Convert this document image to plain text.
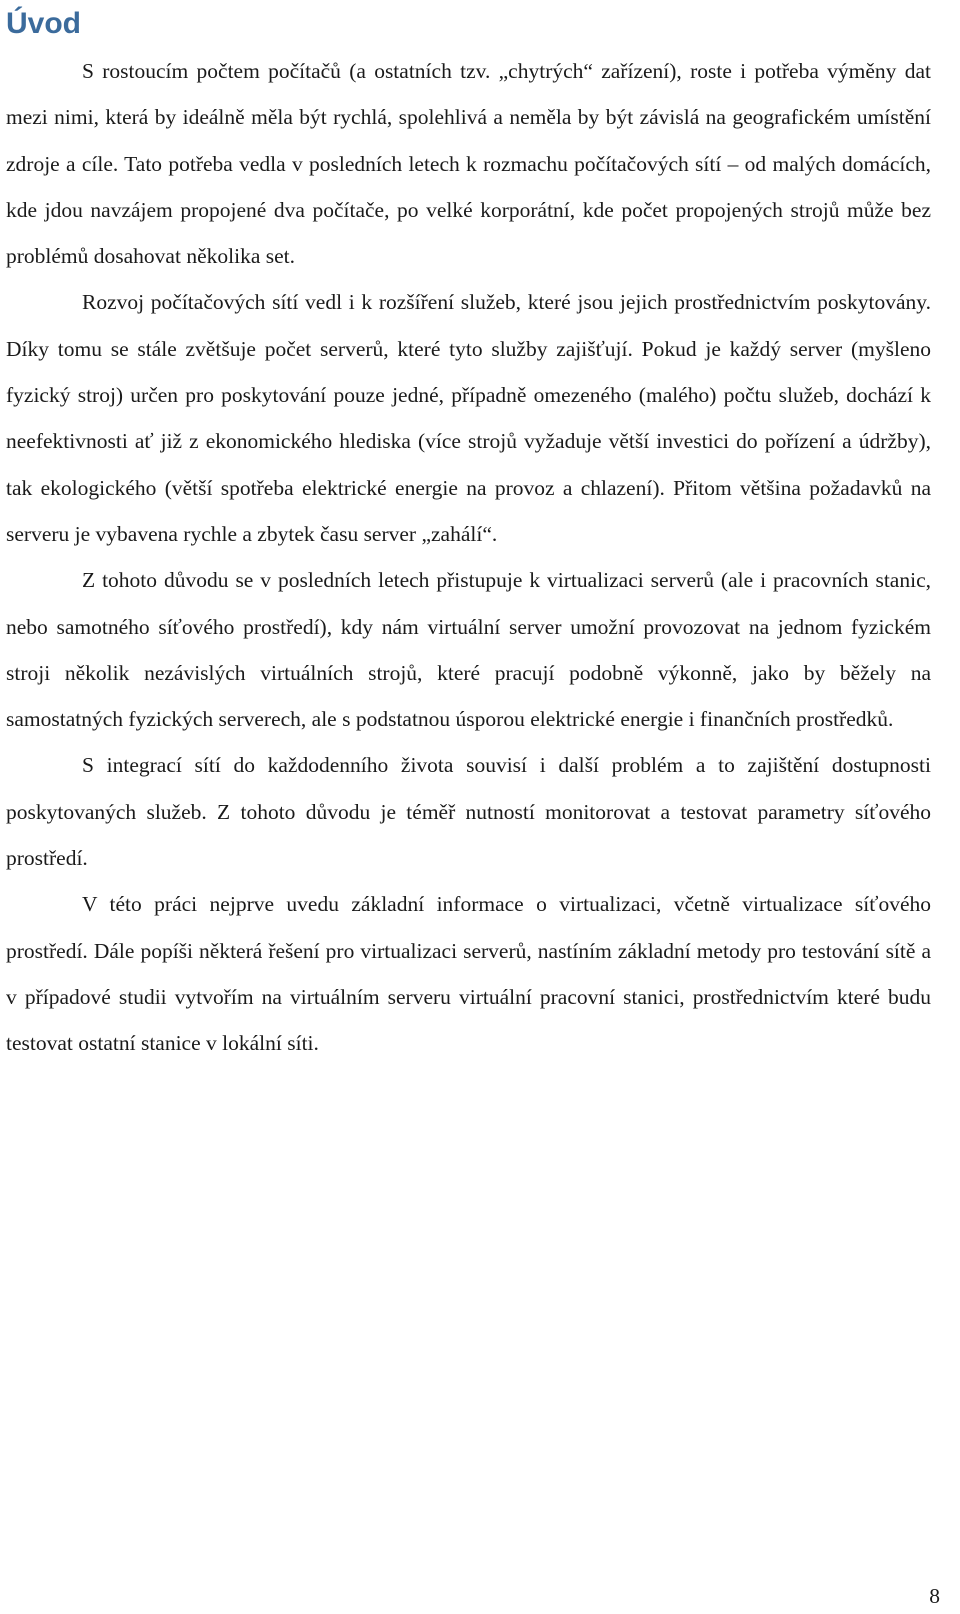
Úvod

S rostoucím počtem počítačů (a ostatních tzv. „chytrých“ zařízení), roste i potřeba výměny dat mezi nimi, která by ideálně měla být rychlá, spolehlivá a neměla by být závislá na geografickém umístění zdroje a cíle. Tato potřeba vedla v posledních letech k rozmachu počítačových sítí – od malých domácích, kde jdou navzájem propojené dva počítače, po velké korporátní, kde počet propojených strojů může bez problémů dosahovat několika set.

Rozvoj počítačových sítí vedl i k rozšíření služeb, které jsou jejich prostřednictvím poskytovány. Díky tomu se stále zvětšuje počet serverů, které tyto služby zajišťují. Pokud je každý server (myšleno fyzický stroj) určen pro poskytování pouze jedné, případně omezeného (malého) počtu služeb, dochází k neefektivnosti ať již z ekonomického hlediska (více strojů vyžaduje větší investici do pořízení a údržby), tak ekologického (větší spotřeba elektrické energie na provoz a chlazení). Přitom většina požadavků na serveru je vybavena rychle a zbytek času server „zahálí“.

Z tohoto důvodu se v posledních letech přistupuje k virtualizaci serverů (ale i pracovních stanic, nebo samotného síťového prostředí), kdy nám virtuální server umožní provozovat na jednom fyzickém stroji několik nezávislých virtuálních strojů, které pracují podobně výkonně, jako by běžely na samostatných fyzických serverech, ale s podstatnou úsporou elektrické energie i finančních prostředků.

S integrací sítí do každodenního života souvisí i další problém a to zajištění dostupnosti poskytovaných služeb. Z tohoto důvodu je téměř nutností monitorovat a testovat parametry síťového prostředí.

V této práci nejprve uvedu základní informace o virtualizaci, včetně virtualizace síťového prostředí. Dále popíši některá řešení pro virtualizaci serverů, nastíním základní metody pro testování sítě a v případové studii vytvořím na virtuálním serveru virtuální pracovní stanici, prostřednictvím které budu testovat ostatní stanice v lokální síti.

8
